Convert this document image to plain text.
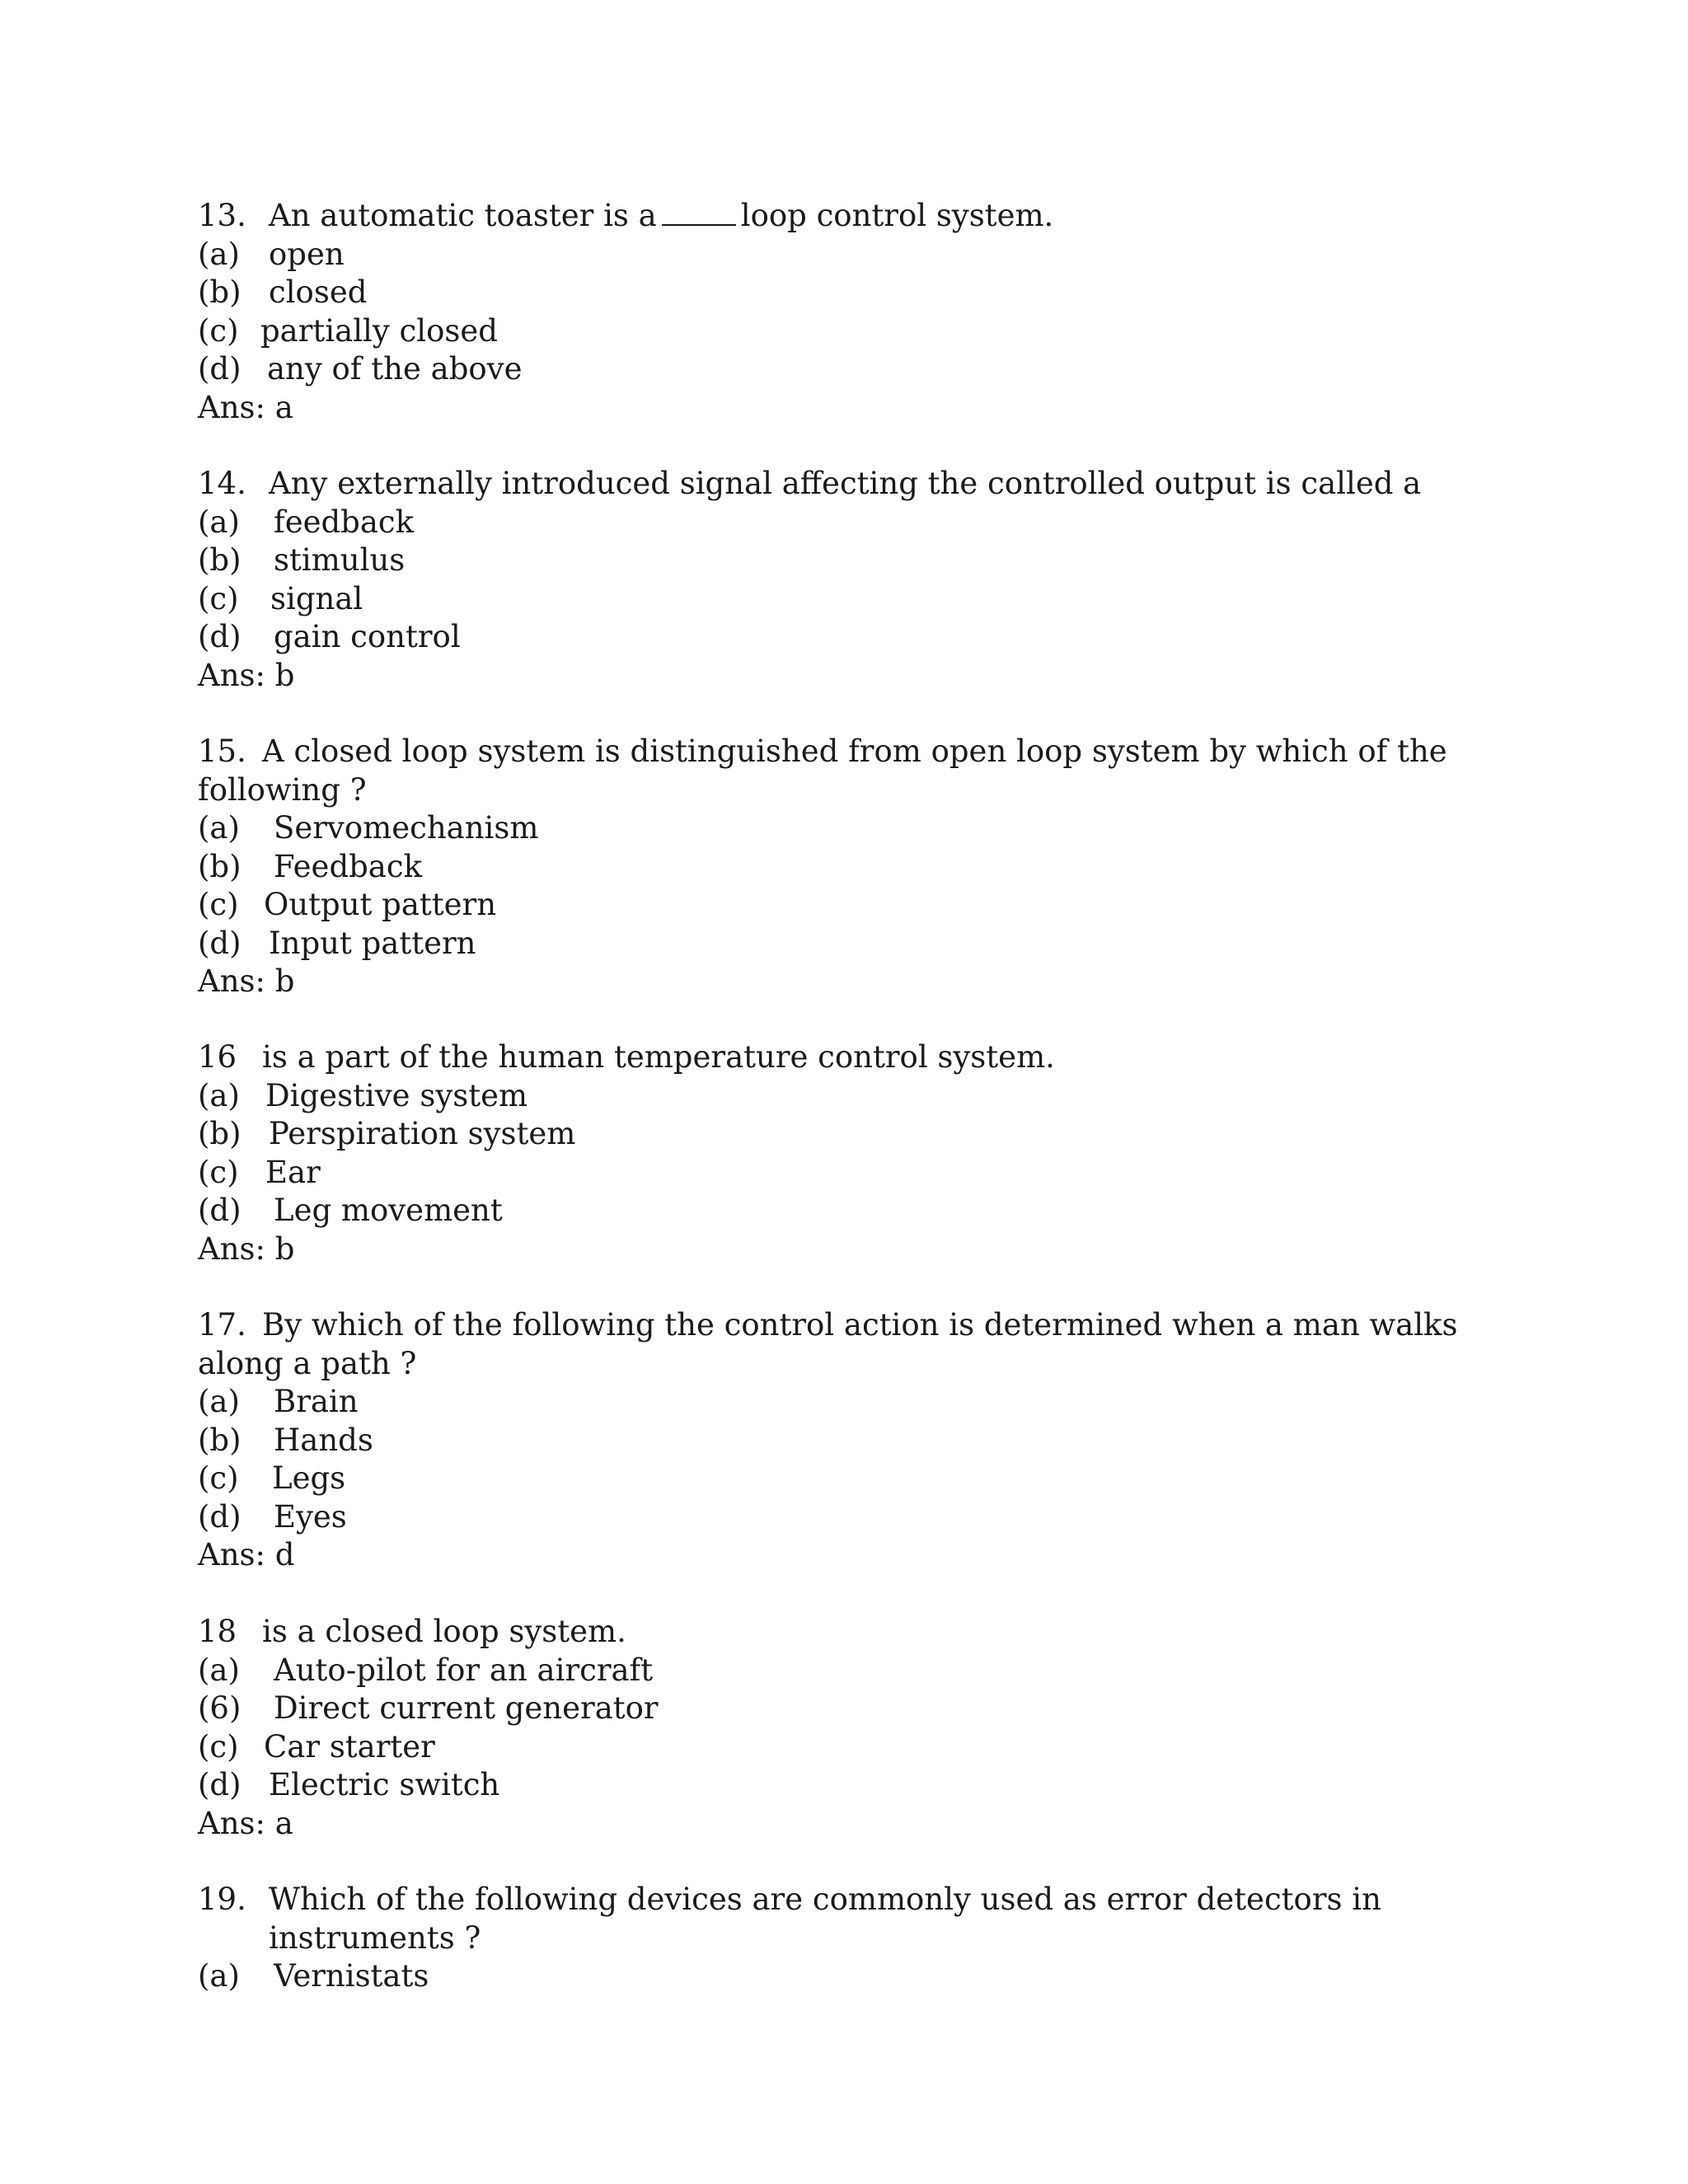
13. An automatic toaster is a	loop control system.
(a) open
(b) closed
(c) partially closed
(d) any of the above
Ans: a
14. Any externally introduced signal affecting the controlled output is called a
(a)	feedback
(b)	stimulus
(c)	signal
(d)	gain control
Ans: b
15. A closed loop system is distinguished from open loop system by which of the following ?
(a)	Servomechanism
(b)	Feedback
(c) Output pattern
(d) Input pattern
Ans: b
16 is a part of the human temperature control system.
(a) Digestive system
(b) Perspiration system
(c) Ear
(d)	Leg movement
Ans: b
17. By which of the following the control action is determined when a man walks along a path ?
(a)	Brain
(b)	Hands
(c)	Legs
(d)	Eyes
Ans: d
18 is a closed loop system.
(a)	Auto-pilot for an aircraft
(6)	Direct current generator
(c) Car starter
(d) Electric switch
Ans: a
19. Which of the following devices are commonly used as error detectors in instruments ?
(a)	Vernistats
